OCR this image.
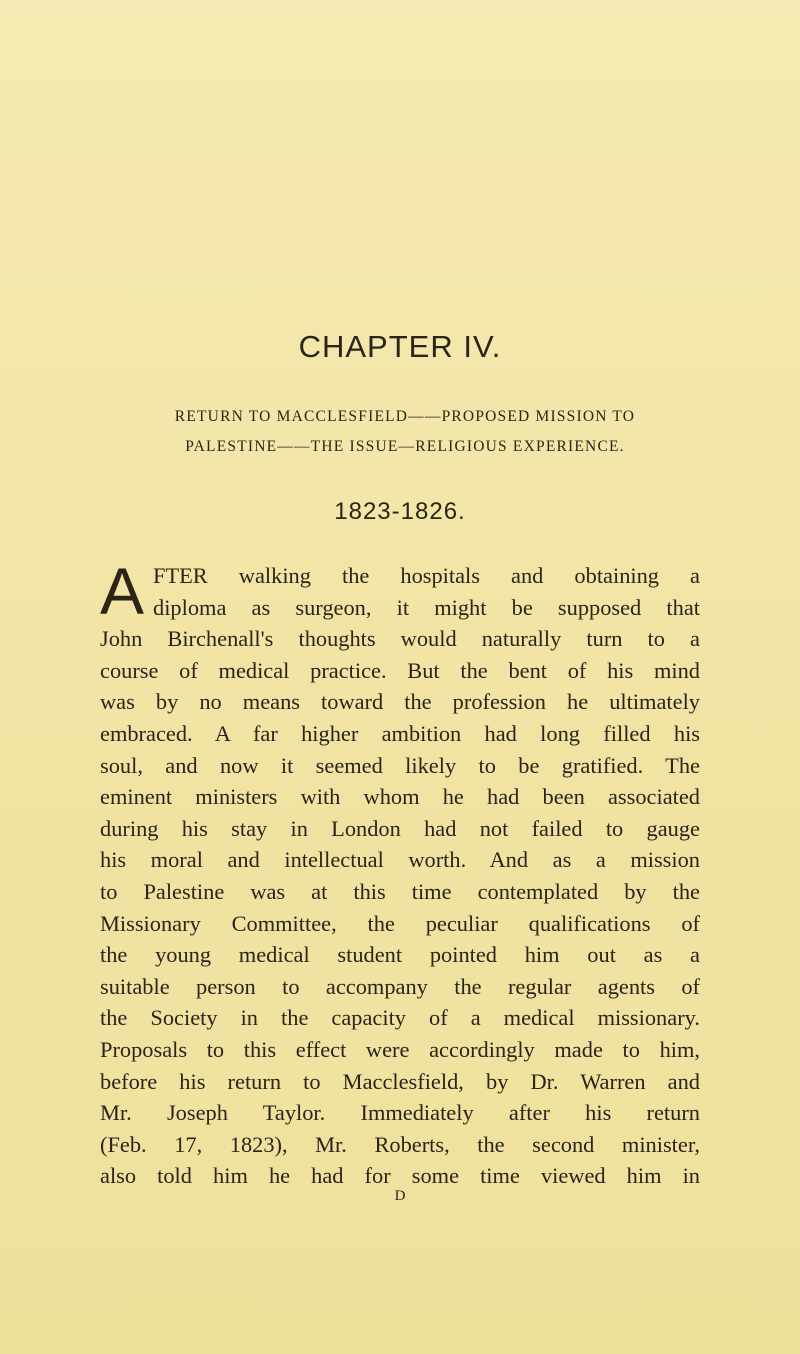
CHAPTER IV.
RETURN TO MACCLESFIELD——PROPOSED MISSION TO
PALESTINE——THE ISSUE—RELIGIOUS EXPERIENCE.
1823-1826.
A FTER walking the hospitals and obtaining a
diploma as surgeon, it might be supposed that
John Birchenall's thoughts would naturally turn to a
course of medical practice. But the bent of his mind
was by no means toward the profession he ultimately
embraced. A far higher ambition had long filled his
soul, and now it seemed likely to be gratified. The
eminent ministers with whom he had been associated
during his stay in London had not failed to gauge
his moral and intellectual worth. And as a mission
to Palestine was at this time contemplated by the
Missionary Committee, the peculiar qualifications of
the young medical student pointed him out as a
suitable person to accompany the regular agents of
the Society in the capacity of a medical missionary.
Proposals to this effect were accordingly made to him,
before his return to Macclesfield, by Dr. Warren and
Mr. Joseph Taylor. Immediately after his return
(Feb. 17, 1823), Mr. Roberts, the second minister,
also told him he had for some time viewed him in
D
